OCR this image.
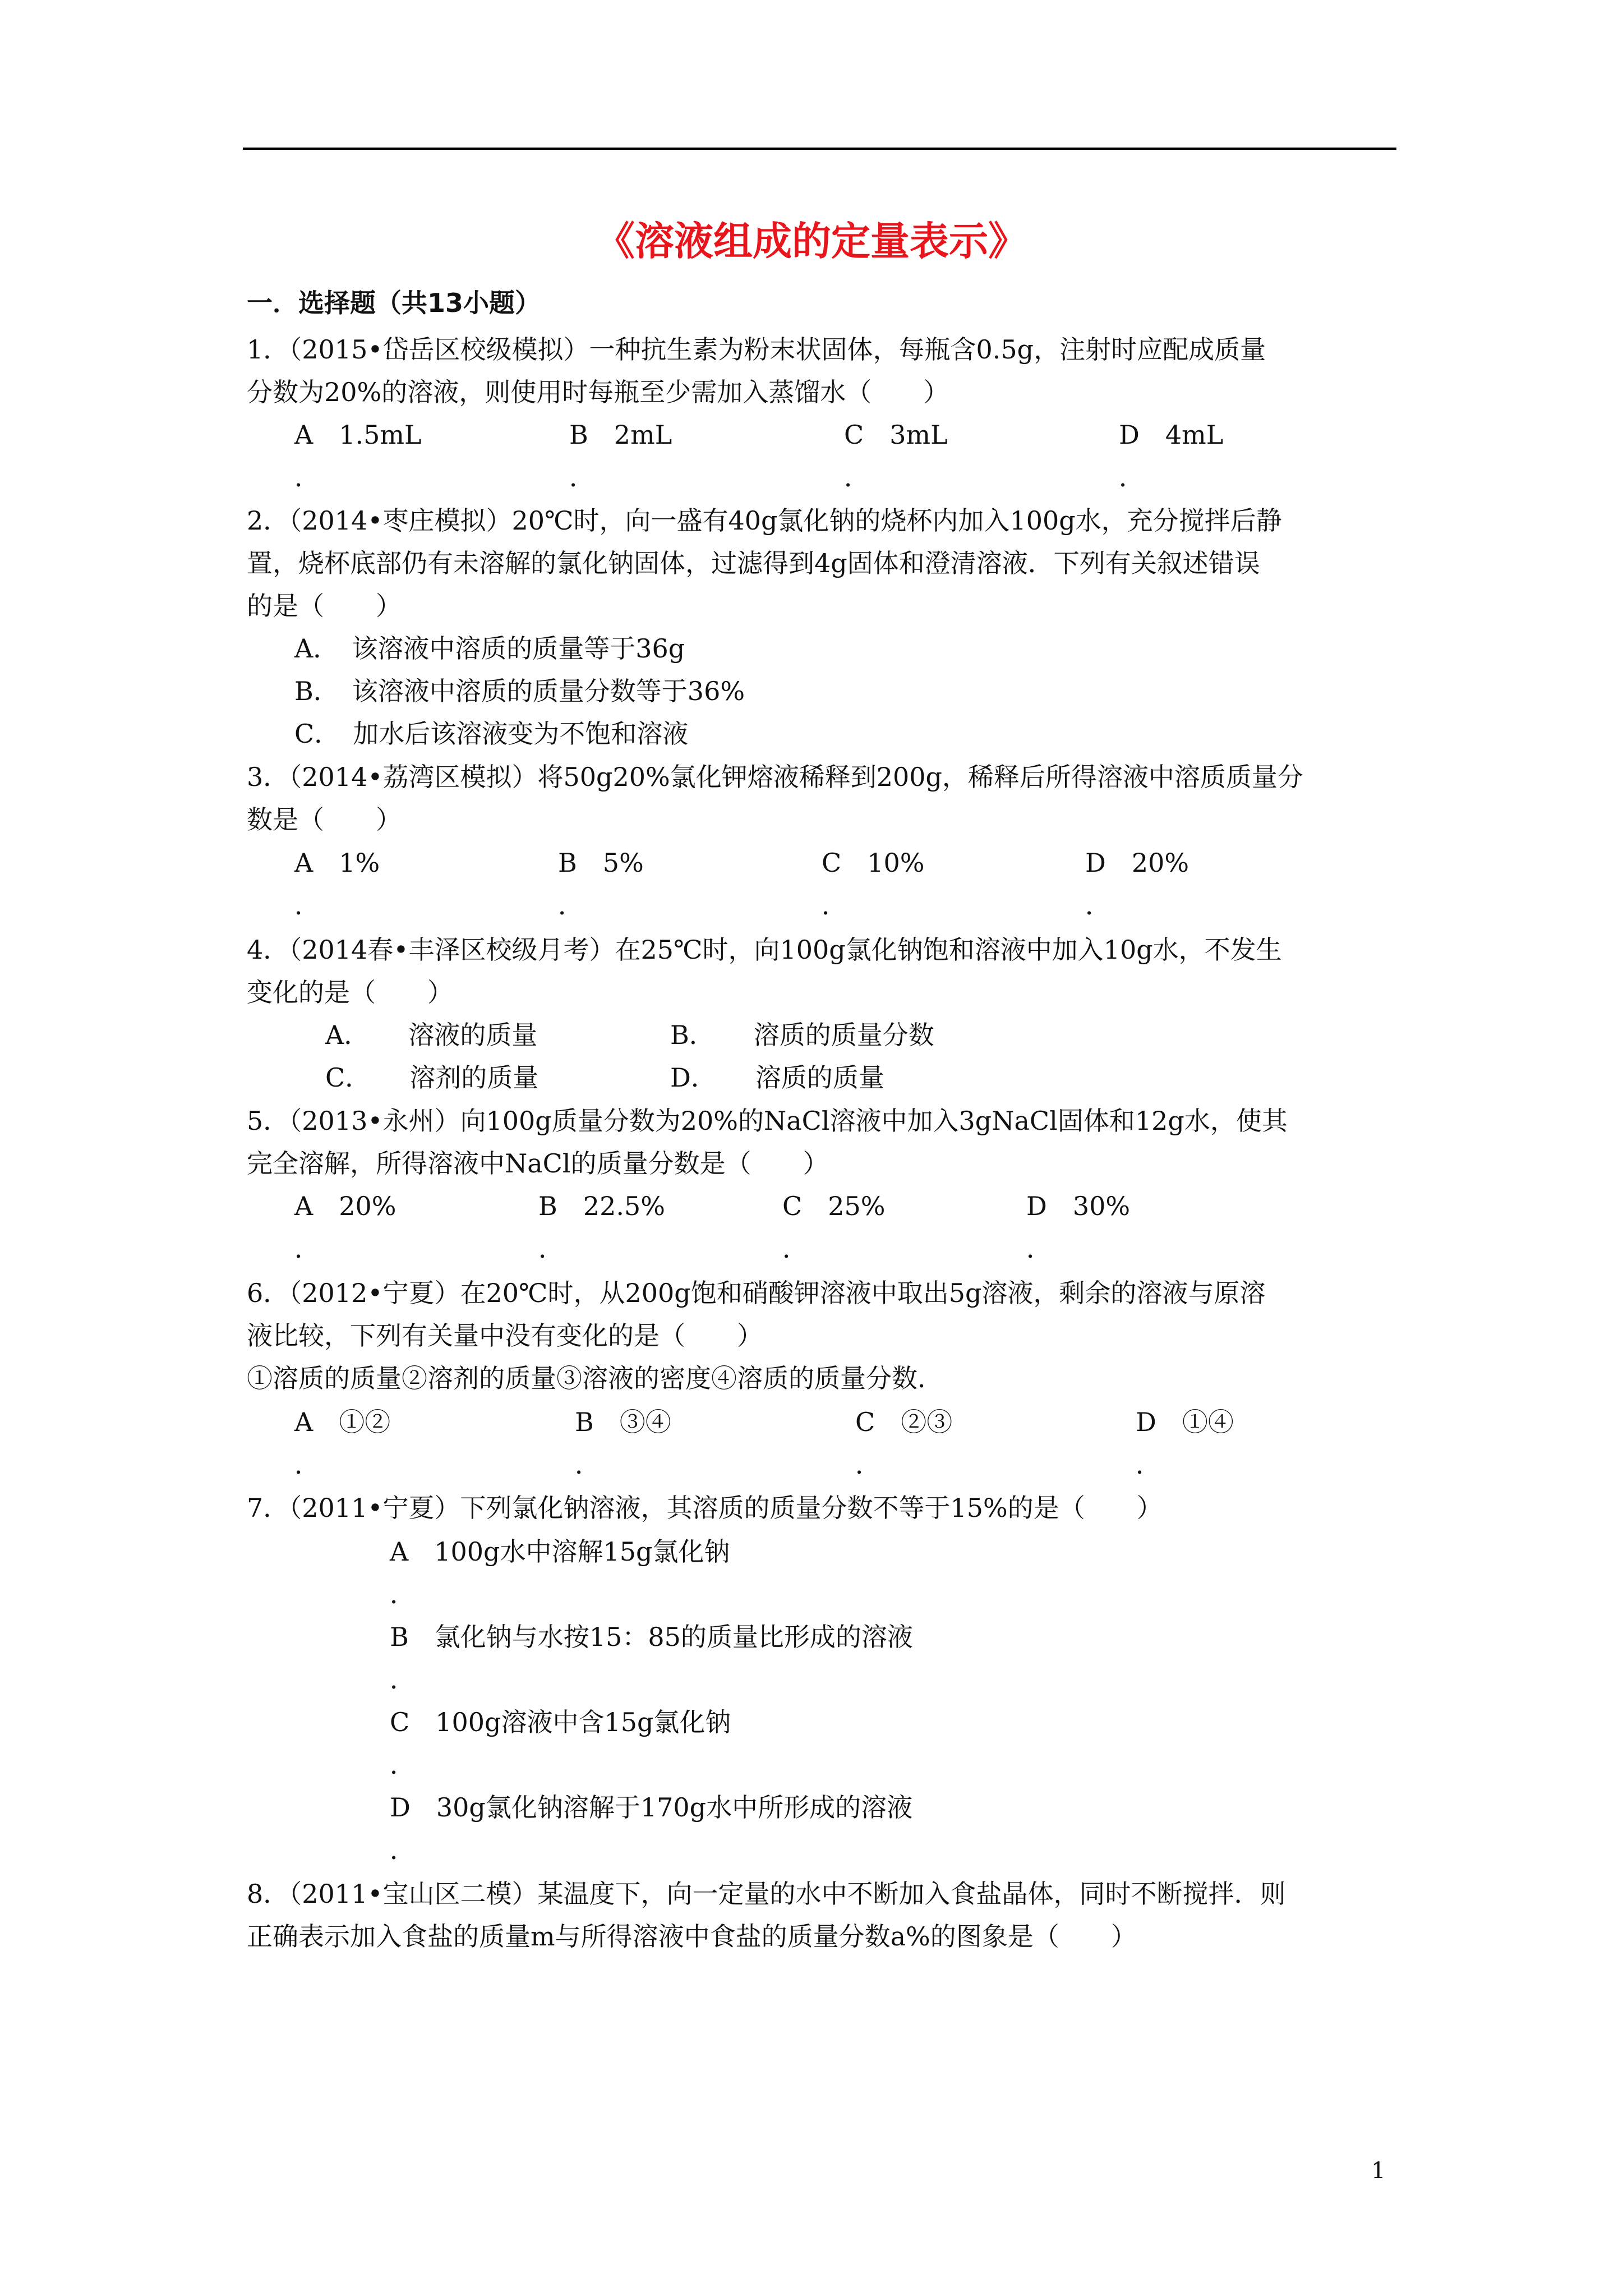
《溶液组成的定量表示》
一．选择题（共13小题）
1．（2015•岱岳区校级模拟）一种抗生素为粉末状固体，每瓶含0.5g，注射时应配成质量
分数为20%的溶液，则使用时每瓶至少需加入蒸馏水（　　）
A　1.5mL	B　2mL	C　3mL	D　4mL
．	．	．	．
2．（2014•枣庄模拟）20℃时，向一盛有40g氯化钠的烧杯内加入100g水，充分搅拌后静
置，烧杯底部仍有未溶解的氯化钠固体，过滤得到4g固体和澄清溶液．下列有关叙述错误
的是（　　）
A．　该溶液中溶质的质量等于36g
B．　该溶液中溶质的质量分数等于36%
C．　加水后该溶液变为不饱和溶液
3．（2014•荔湾区模拟）将50g20%氯化钾熔液稀释到200g，稀释后所得溶液中溶质质量分
数是（　　）
A　1%	B　5%	C　10%	D　20%
．	．	．	．
4．（2014春•丰泽区校级月考）在25℃时，向100g氯化钠饱和溶液中加入10g水，不发生
变化的是（　　）
A．　　溶液的质量	B．　　溶质的质量分数
C．　　溶剂的质量	D．　　溶质的质量
5．（2013•永州）向100g质量分数为20%的NaCl溶液中加入3gNaCl固体和12g水，使其
完全溶解，所得溶液中NaCl的质量分数是（　　）
A　20%	B　22.5%	C　25%	D　30%
．	．	．	．
6．（2012•宁夏）在20℃时，从200g饱和硝酸钾溶液中取出5g溶液，剩余的溶液与原溶
液比较，下列有关量中没有变化的是（　　）
①溶质的质量②溶剂的质量③溶液的密度④溶质的质量分数．
A　①②	B　③④	C　②③	D　①④
．	．	．	．
7．（2011•宁夏）下列氯化钠溶液，其溶质的质量分数不等于15%的是（　　）
A　100g水中溶解15g氯化钠
．
B　氯化钠与水按15：85的质量比形成的溶液
．
C　100g溶液中含15g氯化钠
．
D　30g氯化钠溶解于170g水中所形成的溶液
．
8．（2011•宝山区二模）某温度下，向一定量的水中不断加入食盐晶体，同时不断搅拌．则
正确表示加入食盐的质量m与所得溶液中食盐的质量分数a%的图象是（　　）
1
